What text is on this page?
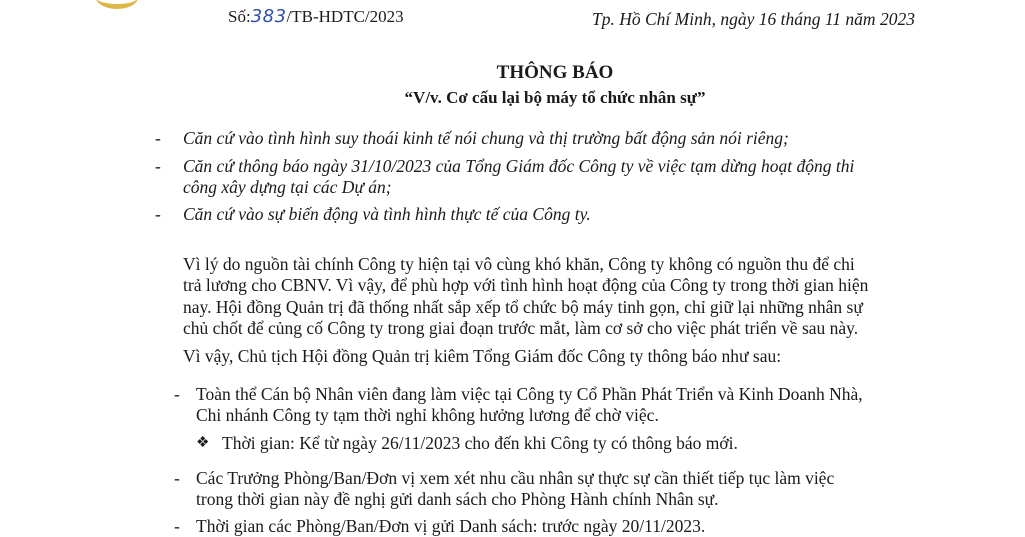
Số:383/TB-HDTC/2023	Tp. Hồ Chí Minh, ngày 16 tháng 11 năm 2023
THÔNG BÁO
“V/v. Cơ cấu lại bộ máy tổ chức nhân sự”
- Căn cứ vào tình hình suy thoái kinh tế nói chung và thị trường bất động sản nói riêng;
- Căn cứ thông báo ngày 31/10/2023 của Tổng Giám đốc Công ty về việc tạm dừng hoạt động thi
công xây dựng tại các Dự án;
- Căn cứ vào sự biến động và tình hình thực tế của Công ty.
Vì lý do nguồn tài chính Công ty hiện tại vô cùng khó khăn, Công ty không có nguồn thu để chi
trả lương cho CBNV. Vì vậy, để phù hợp với tình hình hoạt động của Công ty trong thời gian hiện
nay. Hội đồng Quản trị đã thống nhất sắp xếp tổ chức bộ máy tinh gọn, chỉ giữ lại những nhân sự
chủ chốt để củng cố Công ty trong giai đoạn trước mắt, làm cơ sở cho việc phát triển về sau này.
Vì vậy, Chủ tịch Hội đồng Quản trị kiêm Tổng Giám đốc Công ty thông báo như sau:
- Toàn thể Cán bộ Nhân viên đang làm việc tại Công ty Cổ Phần Phát Triển và Kinh Doanh Nhà,
Chi nhánh Công ty tạm thời nghỉ không hưởng lương để chờ việc.
❖ Thời gian: Kể từ ngày 26/11/2023 cho đến khi Công ty có thông báo mới.
- Các Trưởng Phòng/Ban/Đơn vị xem xét nhu cầu nhân sự thực sự cần thiết tiếp tục làm việc
trong thời gian này đề nghị gửi danh sách cho Phòng Hành chính Nhân sự.
- Thời gian các Phòng/Ban/Đơn vị gửi Danh sách: trước ngày 20/11/2023.
